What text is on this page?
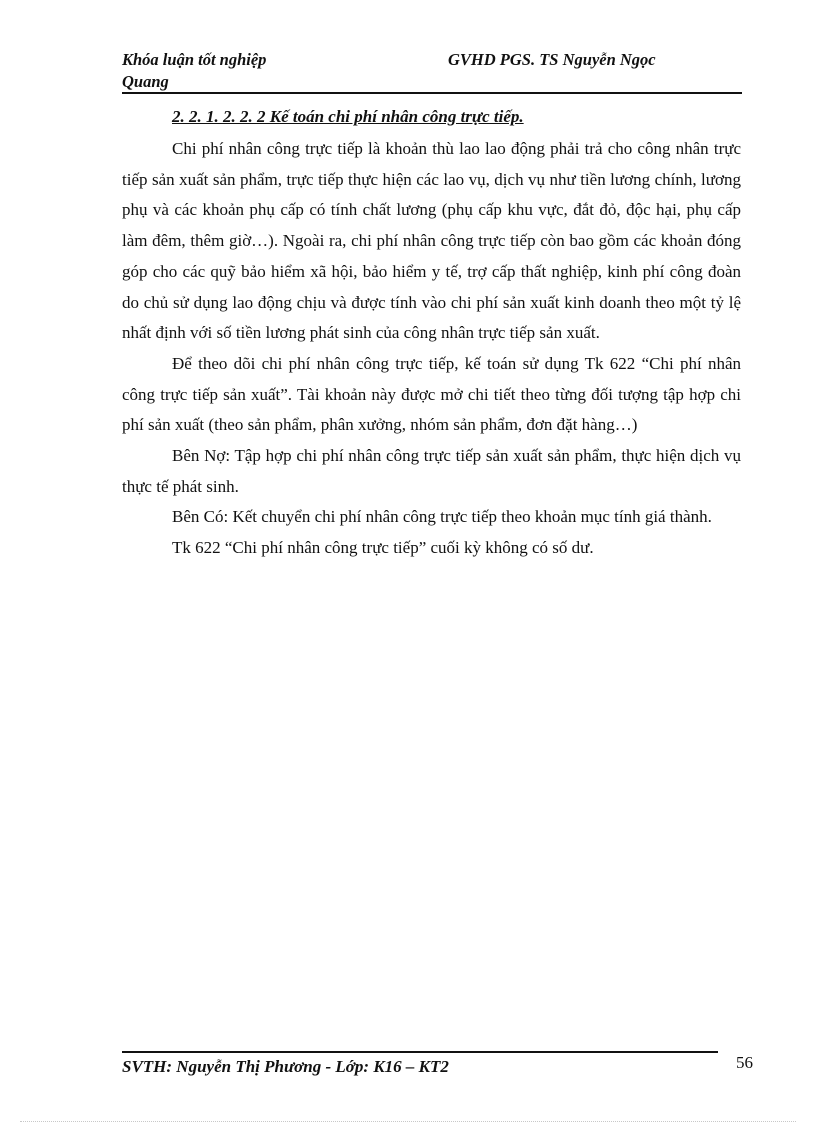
Khóa luận tốt nghiệp
Quang
GVHD PGS. TS Nguyễn Ngọc

2. 2. 1. 2. 2. 2 Kế toán chi phí nhân công trực tiếp.

Chi phí nhân công trực tiếp là khoản thù lao lao động phải trả cho công nhân trực tiếp sản xuất sản phẩm, trực tiếp thực hiện các lao vụ, dịch vụ như tiền lương chính, lương phụ và các khoản phụ cấp có tính chất lương (phụ cấp khu vực, đắt đỏ, độc hại, phụ cấp làm đêm, thêm giờ…). Ngoài ra, chi phí nhân công trực tiếp còn bao gồm các khoản đóng góp cho các quỹ bảo hiểm xã hội, bảo hiểm y tế, trợ cấp thất nghiệp, kinh phí công đoàn do chủ sử dụng lao động chịu và được tính vào chi phí sản xuất kinh doanh theo một tỷ lệ nhất định với số tiền lương phát sinh của công nhân trực tiếp sản xuất.

Để theo dõi chi phí nhân công trực tiếp, kế toán sử dụng Tk 622 “Chi phí nhân công trực tiếp sản xuất”. Tài khoản này được mở chi tiết theo từng đối tượng tập hợp chi phí sản xuất (theo sản phẩm, phân xưởng, nhóm sản phẩm, đơn đặt hàng…)

Bên Nợ: Tập hợp chi phí nhân công trực tiếp sản xuất sản phẩm, thực hiện dịch vụ thực tế phát sinh.

Bên Có: Kết chuyển chi phí nhân công trực tiếp theo khoản mục tính giá thành.

Tk 622 “Chi phí nhân công trực tiếp” cuối kỳ không có số dư.

SVTH: Nguyễn Thị Phương - Lớp: K16 – KT2	56
